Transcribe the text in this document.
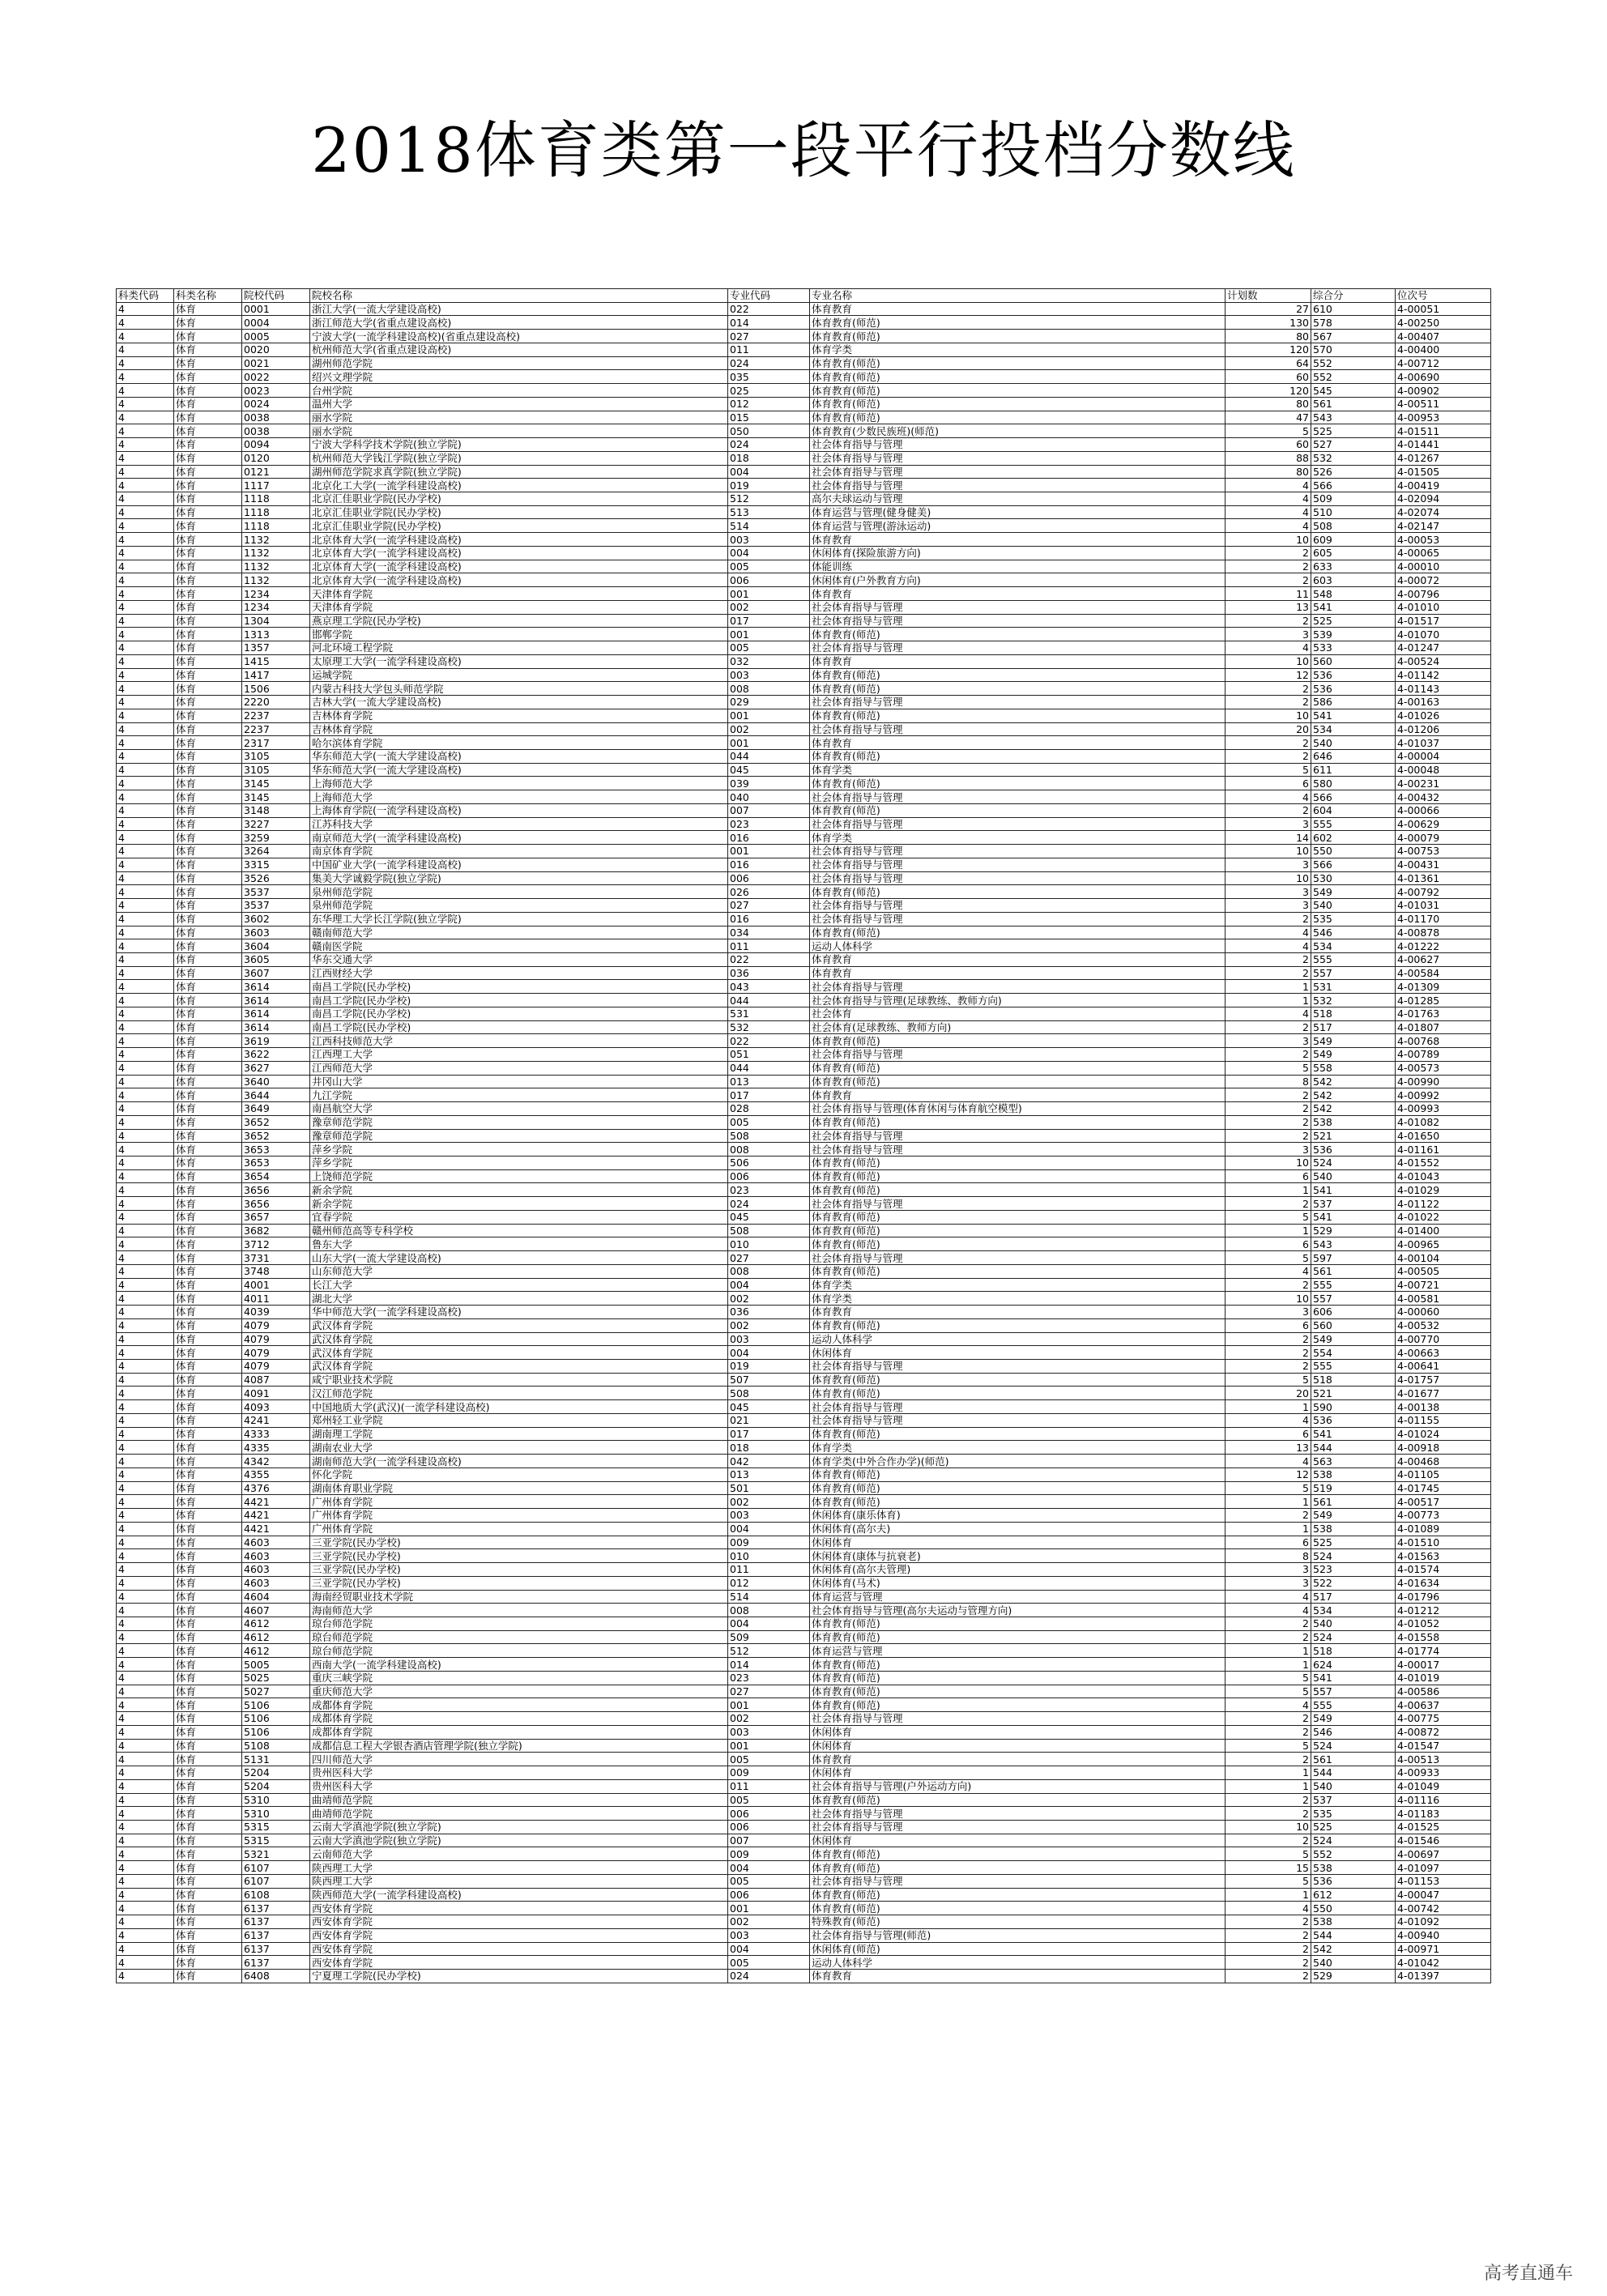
2018体育类第一段平行投档分数线
科类代码	科类名称	院校代码	院校名称	专业代码	专业名称	计划数	综合分	位次号
4	体育	0001	浙江大学(一流大学建设高校)	022	体育教育	27	610	4-00051
4	体育	0004	浙江师范大学(省重点建设高校)	014	体育教育(师范)	130	578	4-00250
4	体育	0005	宁波大学(一流学科建设高校)(省重点建设高校)	027	体育教育(师范)	80	567	4-00407
4	体育	0020	杭州师范大学(省重点建设高校)	011	体育学类	120	570	4-00400
4	体育	0021	湖州师范学院	024	体育教育(师范)	64	552	4-00712
4	体育	0022	绍兴文理学院	035	体育教育(师范)	60	552	4-00690
4	体育	0023	台州学院	025	体育教育(师范)	120	545	4-00902
4	体育	0024	温州大学	012	体育教育(师范)	80	561	4-00511
4	体育	0038	丽水学院	015	体育教育(师范)	47	543	4-00953
4	体育	0038	丽水学院	050	体育教育(少数民族班)(师范)	5	525	4-01511
4	体育	0094	宁波大学科学技术学院(独立学院)	024	社会体育指导与管理	60	527	4-01441
4	体育	0120	杭州师范大学钱江学院(独立学院)	018	社会体育指导与管理	88	532	4-01267
4	体育	0121	湖州师范学院求真学院(独立学院)	004	社会体育指导与管理	80	526	4-01505
4	体育	1117	北京化工大学(一流学科建设高校)	019	社会体育指导与管理	4	566	4-00419
4	体育	1118	北京汇佳职业学院(民办学校)	512	高尔夫球运动与管理	4	509	4-02094
4	体育	1118	北京汇佳职业学院(民办学校)	513	体育运营与管理(健身健美)	4	510	4-02074
4	体育	1118	北京汇佳职业学院(民办学校)	514	体育运营与管理(游泳运动)	4	508	4-02147
4	体育	1132	北京体育大学(一流学科建设高校)	003	体育教育	10	609	4-00053
4	体育	1132	北京体育大学(一流学科建设高校)	004	休闲体育(探险旅游方向)	2	605	4-00065
4	体育	1132	北京体育大学(一流学科建设高校)	005	体能训练	2	633	4-00010
4	体育	1132	北京体育大学(一流学科建设高校)	006	休闲体育(户外教育方向)	2	603	4-00072
4	体育	1234	天津体育学院	001	体育教育	11	548	4-00796
4	体育	1234	天津体育学院	002	社会体育指导与管理	13	541	4-01010
4	体育	1304	燕京理工学院(民办学校)	017	社会体育指导与管理	2	525	4-01517
4	体育	1313	邯郸学院	001	体育教育(师范)	3	539	4-01070
4	体育	1357	河北环境工程学院	005	社会体育指导与管理	4	533	4-01247
4	体育	1415	太原理工大学(一流学科建设高校)	032	体育教育	10	560	4-00524
4	体育	1417	运城学院	003	体育教育(师范)	12	536	4-01142
4	体育	1506	内蒙古科技大学包头师范学院	008	体育教育(师范)	2	536	4-01143
4	体育	2220	吉林大学(一流大学建设高校)	029	社会体育指导与管理	2	586	4-00163
4	体育	2237	吉林体育学院	001	体育教育(师范)	10	541	4-01026
4	体育	2237	吉林体育学院	002	社会体育指导与管理	20	534	4-01206
4	体育	2317	哈尔滨体育学院	001	体育教育	2	540	4-01037
4	体育	3105	华东师范大学(一流大学建设高校)	044	体育教育(师范)	2	646	4-00004
4	体育	3105	华东师范大学(一流大学建设高校)	045	体育学类	5	611	4-00048
4	体育	3145	上海师范大学	039	体育教育(师范)	6	580	4-00231
4	体育	3145	上海师范大学	040	社会体育指导与管理	4	566	4-00432
4	体育	3148	上海体育学院(一流学科建设高校)	007	体育教育(师范)	2	604	4-00066
4	体育	3227	江苏科技大学	023	社会体育指导与管理	3	555	4-00629
4	体育	3259	南京师范大学(一流学科建设高校)	016	体育学类	14	602	4-00079
4	体育	3264	南京体育学院	001	社会体育指导与管理	10	550	4-00753
4	体育	3315	中国矿业大学(一流学科建设高校)	016	社会体育指导与管理	3	566	4-00431
4	体育	3526	集美大学诚毅学院(独立学院)	006	社会体育指导与管理	10	530	4-01361
4	体育	3537	泉州师范学院	026	体育教育(师范)	3	549	4-00792
4	体育	3537	泉州师范学院	027	社会体育指导与管理	3	540	4-01031
4	体育	3602	东华理工大学长江学院(独立学院)	016	社会体育指导与管理	2	535	4-01170
4	体育	3603	赣南师范大学	034	体育教育(师范)	4	546	4-00878
4	体育	3604	赣南医学院	011	运动人体科学	4	534	4-01222
4	体育	3605	华东交通大学	022	体育教育	2	555	4-00627
4	体育	3607	江西财经大学	036	体育教育	2	557	4-00584
4	体育	3614	南昌工学院(民办学校)	043	社会体育指导与管理	1	531	4-01309
4	体育	3614	南昌工学院(民办学校)	044	社会体育指导与管理(足球教练、教师方向)	1	532	4-01285
4	体育	3614	南昌工学院(民办学校)	531	社会体育	4	518	4-01763
4	体育	3614	南昌工学院(民办学校)	532	社会体育(足球教练、教师方向)	2	517	4-01807
4	体育	3619	江西科技师范大学	022	体育教育(师范)	3	549	4-00768
4	体育	3622	江西理工大学	051	社会体育指导与管理	2	549	4-00789
4	体育	3627	江西师范大学	044	体育教育(师范)	5	558	4-00573
4	体育	3640	井冈山大学	013	体育教育(师范)	8	542	4-00990
4	体育	3644	九江学院	017	体育教育	2	542	4-00992
4	体育	3649	南昌航空大学	028	社会体育指导与管理(体育休闲与体育航空模型)	2	542	4-00993
4	体育	3652	豫章师范学院	005	体育教育(师范)	2	538	4-01082
4	体育	3652	豫章师范学院	508	社会体育指导与管理	2	521	4-01650
4	体育	3653	萍乡学院	008	社会体育指导与管理	3	536	4-01161
4	体育	3653	萍乡学院	506	体育教育(师范)	10	524	4-01552
4	体育	3654	上饶师范学院	006	体育教育(师范)	6	540	4-01043
4	体育	3656	新余学院	023	体育教育(师范)	1	541	4-01029
4	体育	3656	新余学院	024	社会体育指导与管理	2	537	4-01122
4	体育	3657	宜春学院	045	体育教育(师范)	5	541	4-01022
4	体育	3682	赣州师范高等专科学校	508	体育教育(师范)	1	529	4-01400
4	体育	3712	鲁东大学	010	体育教育(师范)	6	543	4-00965
4	体育	3731	山东大学(一流大学建设高校)	027	社会体育指导与管理	5	597	4-00104
4	体育	3748	山东师范大学	008	体育教育(师范)	4	561	4-00505
4	体育	4001	长江大学	004	体育学类	2	555	4-00721
4	体育	4011	湖北大学	002	体育学类	10	557	4-00581
4	体育	4039	华中师范大学(一流学科建设高校)	036	体育教育	3	606	4-00060
4	体育	4079	武汉体育学院	002	体育教育(师范)	6	560	4-00532
4	体育	4079	武汉体育学院	003	运动人体科学	2	549	4-00770
4	体育	4079	武汉体育学院	004	休闲体育	2	554	4-00663
4	体育	4079	武汉体育学院	019	社会体育指导与管理	2	555	4-00641
4	体育	4087	咸宁职业技术学院	507	体育教育(师范)	5	518	4-01757
4	体育	4091	汉江师范学院	508	体育教育(师范)	20	521	4-01677
4	体育	4093	中国地质大学(武汉)(一流学科建设高校)	045	社会体育指导与管理	1	590	4-00138
4	体育	4241	郑州轻工业学院	021	社会体育指导与管理	4	536	4-01155
4	体育	4333	湖南理工学院	017	体育教育(师范)	6	541	4-01024
4	体育	4335	湖南农业大学	018	体育学类	13	544	4-00918
4	体育	4342	湖南师范大学(一流学科建设高校)	042	体育学类(中外合作办学)(师范)	4	563	4-00468
4	体育	4355	怀化学院	013	体育教育(师范)	12	538	4-01105
4	体育	4376	湖南体育职业学院	501	体育教育(师范)	5	519	4-01745
4	体育	4421	广州体育学院	002	体育教育(师范)	1	561	4-00517
4	体育	4421	广州体育学院	003	休闲体育(康乐体育)	2	549	4-00773
4	体育	4421	广州体育学院	004	休闲体育(高尔夫)	1	538	4-01089
4	体育	4603	三亚学院(民办学校)	009	休闲体育	6	525	4-01510
4	体育	4603	三亚学院(民办学校)	010	休闲体育(康体与抗衰老)	8	524	4-01563
4	体育	4603	三亚学院(民办学校)	011	休闲体育(高尔夫管理)	3	523	4-01574
4	体育	4603	三亚学院(民办学校)	012	休闲体育(马术)	3	522	4-01634
4	体育	4604	海南经贸职业技术学院	514	体育运营与管理	4	517	4-01796
4	体育	4607	海南师范大学	008	社会体育指导与管理(高尔夫运动与管理方向)	4	534	4-01212
4	体育	4612	琼台师范学院	004	体育教育(师范)	2	540	4-01052
4	体育	4612	琼台师范学院	509	体育教育(师范)	2	524	4-01558
4	体育	4612	琼台师范学院	512	体育运营与管理	1	518	4-01774
4	体育	5005	西南大学(一流学科建设高校)	014	体育教育(师范)	1	624	4-00017
4	体育	5025	重庆三峡学院	023	体育教育(师范)	5	541	4-01019
4	体育	5027	重庆师范大学	027	体育教育(师范)	5	557	4-00586
4	体育	5106	成都体育学院	001	体育教育(师范)	4	555	4-00637
4	体育	5106	成都体育学院	002	社会体育指导与管理	2	549	4-00775
4	体育	5106	成都体育学院	003	休闲体育	2	546	4-00872
4	体育	5108	成都信息工程大学银杏酒店管理学院(独立学院)	001	休闲体育	5	524	4-01547
4	体育	5131	四川师范大学	005	体育教育	2	561	4-00513
4	体育	5204	贵州医科大学	009	休闲体育	1	544	4-00933
4	体育	5204	贵州医科大学	011	社会体育指导与管理(户外运动方向)	1	540	4-01049
4	体育	5310	曲靖师范学院	005	体育教育(师范)	2	537	4-01116
4	体育	5310	曲靖师范学院	006	社会体育指导与管理	2	535	4-01183
4	体育	5315	云南大学滇池学院(独立学院)	006	社会体育指导与管理	10	525	4-01525
4	体育	5315	云南大学滇池学院(独立学院)	007	休闲体育	2	524	4-01546
4	体育	5321	云南师范大学	009	体育教育(师范)	5	552	4-00697
4	体育	6107	陕西理工大学	004	体育教育(师范)	15	538	4-01097
4	体育	6107	陕西理工大学	005	社会体育指导与管理	5	536	4-01153
4	体育	6108	陕西师范大学(一流学科建设高校)	006	体育教育(师范)	1	612	4-00047
4	体育	6137	西安体育学院	001	体育教育(师范)	4	550	4-00742
4	体育	6137	西安体育学院	002	特殊教育(师范)	2	538	4-01092
4	体育	6137	西安体育学院	003	社会体育指导与管理(师范)	2	544	4-00940
4	体育	6137	西安体育学院	004	休闲体育(师范)	2	542	4-00971
4	体育	6137	西安体育学院	005	运动人体科学	2	540	4-01042
4	体育	6408	宁夏理工学院(民办学校)	024	体育教育	2	529	4-01397
高考直通车
